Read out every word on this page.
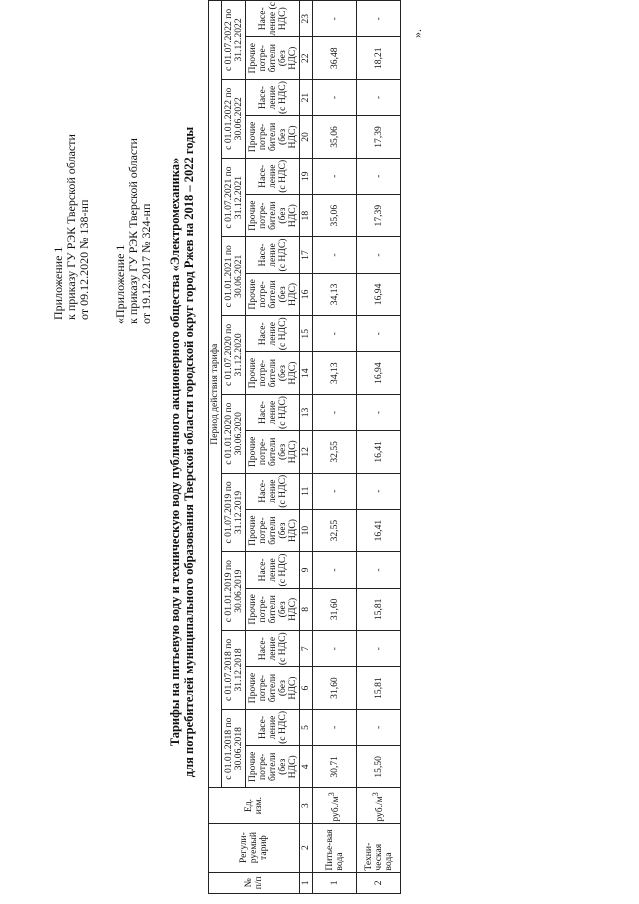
Приложение 1 к приказу ГУ РЭК Тверской области от 09.12.2020 № 138-нп «Приложение 1 к приказу ГУ РЭК Тверской области от 19.12.2017 № 324-нп Тарифы на питьевую воду и техническую воду публичного акционерного общества «Электромеханика» для потребителей муниципального образования Тверской области городской округ город Ржев на 2018 – 2022 годы
№ п/п	Регули-руемый тариф	Ед. изм.	Период действия тарифа																			
			с 01.01.2018 по 30.06.2018		с 01.07.2018 по 31.12.2018		с 01.01.2019 по 30.06.2019		с 01.07.2019 по 31.12.2019		с 01.01.2020 по 30.06.2020		с 01.07.2020 по 31.12.2020		с 01.01.2021 по 30.06.2021		с 01.07.2021 по 31.12.2021		с 01.01.2022 по 30.06.2022		с 01.07.2022 по 31.12.2022	
			Прочие потре-бители (без НДС)	Насе-ление (с НДС)	Прочие потре-бители (без НДС)	Насе-ление (с НДС)	Прочие потре-бители (без НДС)	Насе-ление (с НДС)	Прочие потре-бители (без НДС)	Насе-ление (с НДС)	Прочие потре-бители (без НДС)	Насе-ление (с НДС)	Прочие потре-бители (без НДС)	Насе-ление (с НДС)	Прочие потре-бители (без НДС)	Насе-ление (с НДС)	Прочие потре-бители (без НДС)	Насе-ление (с НДС)	Прочие потре-бители (без НДС)	Насе-ление (с НДС)	Прочие потре-бители (без НДС)	Насе-ление (с НДС)
1	2	3	4	5	6	7	8	9	10	11	12	13	14	15	16	17	18	19	20	21	22	23
1	Питье-вая вода	$руб./м^3$	30,71	-	31,60	-	31,60	-	32,55	-	32,55	-	34,13	-	34,13	-	35,06	-	35,06	-	36,48	-
2	Техни-ческая вода	$руб./м^3$	15,50	-	15,81	-	15,81	-	16,41	-	16,41	-	16,94	-	16,94	-	17,39	-	17,39	-	18,21	-
».
